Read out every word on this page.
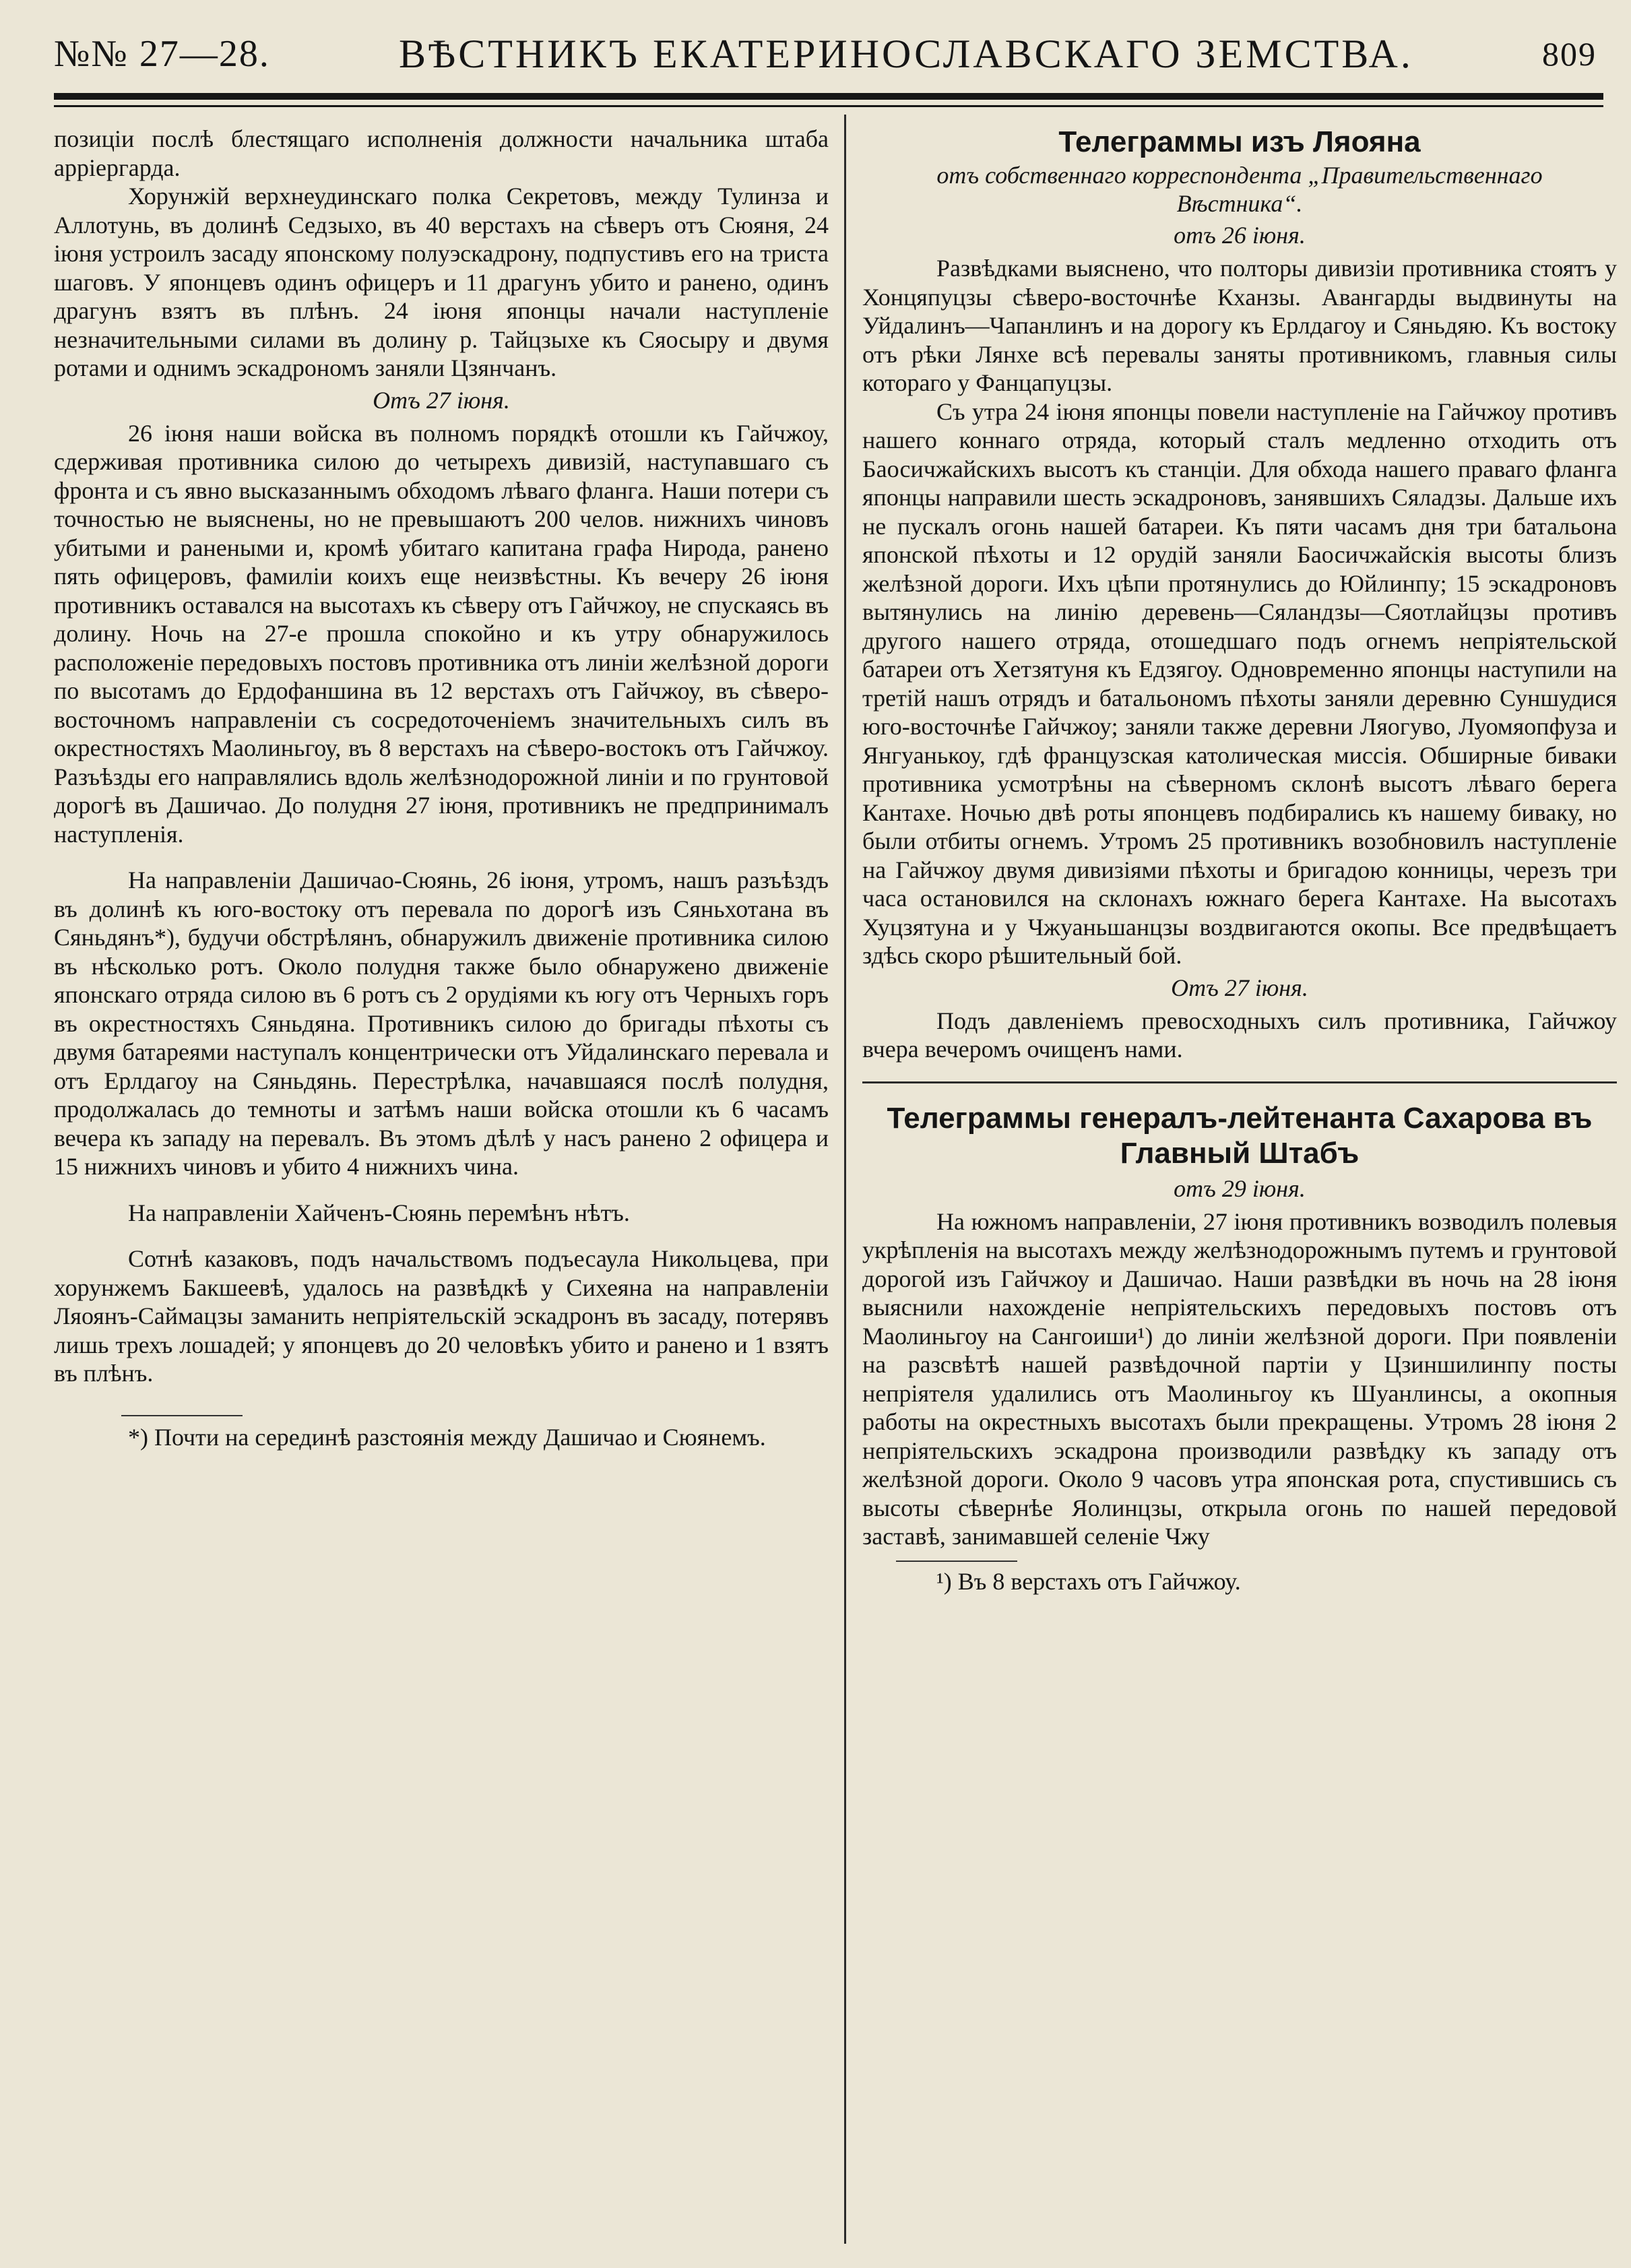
№№ 27—28.	ВѢСТНИКЪ ЕКАТЕРИНОСЛАВСКАГО ЗЕМСТВА.	809

позиціи послѣ блестящаго исполненія должности начальника штаба арріергарда.

Хорунжій верхнеудинскаго полка Секретовъ, между Тулинза и Аллотунь, въ долинѣ Седзыхо, въ 40 верстахъ на сѣверъ отъ Сюяня, 24 іюня устроилъ засаду японскому полуэскадрону, подпустивъ его на триста шаговъ. У японцевъ одинъ офицеръ и 11 драгунъ убито и ранено, одинъ драгунъ взятъ въ плѣнъ. 24 іюня японцы начали наступленіе незначительными силами въ долину р. Тайцзыхе къ Сяосыру и двумя ротами и однимъ эскадрономъ заняли Цзянчанъ.

Отъ 27 іюня.

26 іюня наши войска въ полномъ порядкѣ отошли къ Гайчжоу, сдерживая противника силою до четырехъ дивизій, наступавшаго съ фронта и съ явно высказаннымъ обходомъ лѣваго фланга. Наши потери съ точностью не выяснены, но не превышаютъ 200 челов. нижнихъ чиновъ убитыми и ранеными и, кромѣ убитаго капитана графа Нирода, ранено пять офицеровъ, фамиліи коихъ еще неизвѣстны. Къ вечеру 26 іюня противникъ оставался на высотахъ къ сѣверу отъ Гайчжоу, не спускаясь въ долину. Ночь на 27-е прошла спокойно и къ утру обнаружилось расположеніе передовыхъ постовъ противника отъ линіи желѣзной дороги по высотамъ до Ердофаншина въ 12 верстахъ отъ Гайчжоу, въ сѣверо-восточномъ направленіи съ сосредоточеніемъ значительныхъ силъ въ окрестностяхъ Маолиньгоу, въ 8 верстахъ на сѣверо-востокъ отъ Гайчжоу. Разъѣзды его направлялись вдоль желѣзнодорожной линіи и по грунтовой дорогѣ въ Дашичао. До полудня 27 іюня, противникъ не предпринималъ наступленія.

На направленіи Дашичао-Сюянь, 26 іюня, утромъ, нашъ разъѣздъ въ долинѣ къ юго-востоку отъ перевала по дорогѣ изъ Сяньхотана въ Сяньдянъ*), будучи обстрѣлянъ, обнаружилъ движеніе противника силою въ нѣсколько ротъ. Около полудня также было обнаружено движеніе японскаго отряда силою въ 6 ротъ съ 2 орудіями къ югу отъ Черныхъ горъ въ окрестностяхъ Сяньдяна. Противникъ силою до бригады пѣхоты съ двумя батареями наступалъ концентрически отъ Уйдалинскаго перевала и отъ Ерлдагоу на Сяньдянь. Перестрѣлка, начавшаяся послѣ полудня, продолжалась до темноты и затѣмъ наши войска отошли къ 6 часамъ вечера къ западу на перевалъ. Въ этомъ дѣлѣ у насъ ранено 2 офицера и 15 нижнихъ чиновъ и убито 4 нижнихъ чина.

На направленіи Хайченъ-Сюянь перемѣнъ нѣтъ.

Сотнѣ казаковъ, подъ начальствомъ подъесаула Никольцева, при хорунжемъ Бакшеевѣ, удалось на развѣдкѣ у Сихеяна на направленіи Ляоянъ-Саймацзы заманить непріятельскій эскадронъ въ засаду, потерявъ лишь трехъ лошадей; у японцевъ до 20 человѣкъ убито и ранено и 1 взятъ въ плѣнъ.

*) Почти на серединѣ разстоянія между Дашичао и Сюянемъ.

Телеграммы изъ Ляояна
отъ собственнаго корреспондента „Правительственнаго Вѣстника“.
отъ 26 іюня.

Развѣдками выяснено, что полторы дивизіи противника стоятъ у Хонцяпуцзы сѣверо-восточнѣе Кханзы. Авангарды выдвинуты на Уйдалинъ—Чапанлинъ и на дорогу къ Ерлдагоу и Сяньдяю. Къ востоку отъ рѣки Лянхе всѣ перевалы заняты противникомъ, главныя силы котораго у Фанцапуцзы.

Съ утра 24 іюня японцы повели наступленіе на Гайчжоу противъ нашего коннаго отряда, который сталъ медленно отходить отъ Баосичжайскихъ высотъ къ станціи. Для обхода нашего праваго фланга японцы направили шесть эскадроновъ, занявшихъ Сяладзы. Дальше ихъ не пускалъ огонь нашей батареи. Къ пяти часамъ дня три батальона японской пѣхоты и 12 орудій заняли Баосичжайскія высоты близъ желѣзной дороги. Ихъ цѣпи протянулись до Юйлинпу; 15 эскадроновъ вытянулись на линію деревень—Сяландзы—Сяотлайцзы противъ другого нашего отряда, отошедшаго подъ огнемъ непріятельской батареи отъ Хетзятуня къ Едзягоу. Одновременно японцы наступили на третій нашъ отрядъ и батальономъ пѣхоты заняли деревню Суншудися юго-восточнѣе Гайчжоу; заняли также деревни Ляогуво, Луомяопфуза и Янгуанькоу, гдѣ французская католическая миссія. Обширные биваки противника усмотрѣны на сѣверномъ склонѣ высотъ лѣваго берега Кантахе. Ночью двѣ роты японцевъ подбирались къ нашему биваку, но были отбиты огнемъ. Утромъ 25 противникъ возобновилъ наступленіе на Гайчжоу двумя дивизіями пѣхоты и бригадою конницы, черезъ три часа остановился на склонахъ южнаго берега Кантахе. На высотахъ Хуцзятуна и у Чжуаньшанцзы воздвигаются окопы. Все предвѣщаетъ здѣсь скоро рѣшительный бой.

Отъ 27 іюня.

Подъ давленіемъ превосходныхъ силъ противника, Гайчжоу вчера вечеромъ очищенъ нами.

Телеграммы генералъ-лейтенанта Сахарова въ Главный Штабъ
отъ 29 іюня.

На южномъ направленіи, 27 іюня противникъ возводилъ полевыя укрѣпленія на высотахъ между желѣзнодорожнымъ путемъ и грунтовой дорогой изъ Гайчжоу и Дашичао. Наши развѣдки въ ночь на 28 іюня выяснили нахожденіе непріятельскихъ передовыхъ постовъ отъ Маолиньгоу на Сангоиши¹) до линіи желѣзной дороги. При появленіи на разсвѣтѣ нашей развѣдочной партіи у Цзиншилинпу посты непріятеля удалились отъ Маолиньгоу къ Шуанлинсы, а окопныя работы на окрестныхъ высотахъ были прекращены. Утромъ 28 іюня 2 непріятельскихъ эскадрона производили развѣдку къ западу отъ желѣзной дороги. Около 9 часовъ утра японская рота, спустившись съ высоты сѣвернѣе Яолинцзы, открыла огонь по нашей передовой заставѣ, занимавшей селеніе Чжу

¹) Въ 8 верстахъ отъ Гайчжоу.
